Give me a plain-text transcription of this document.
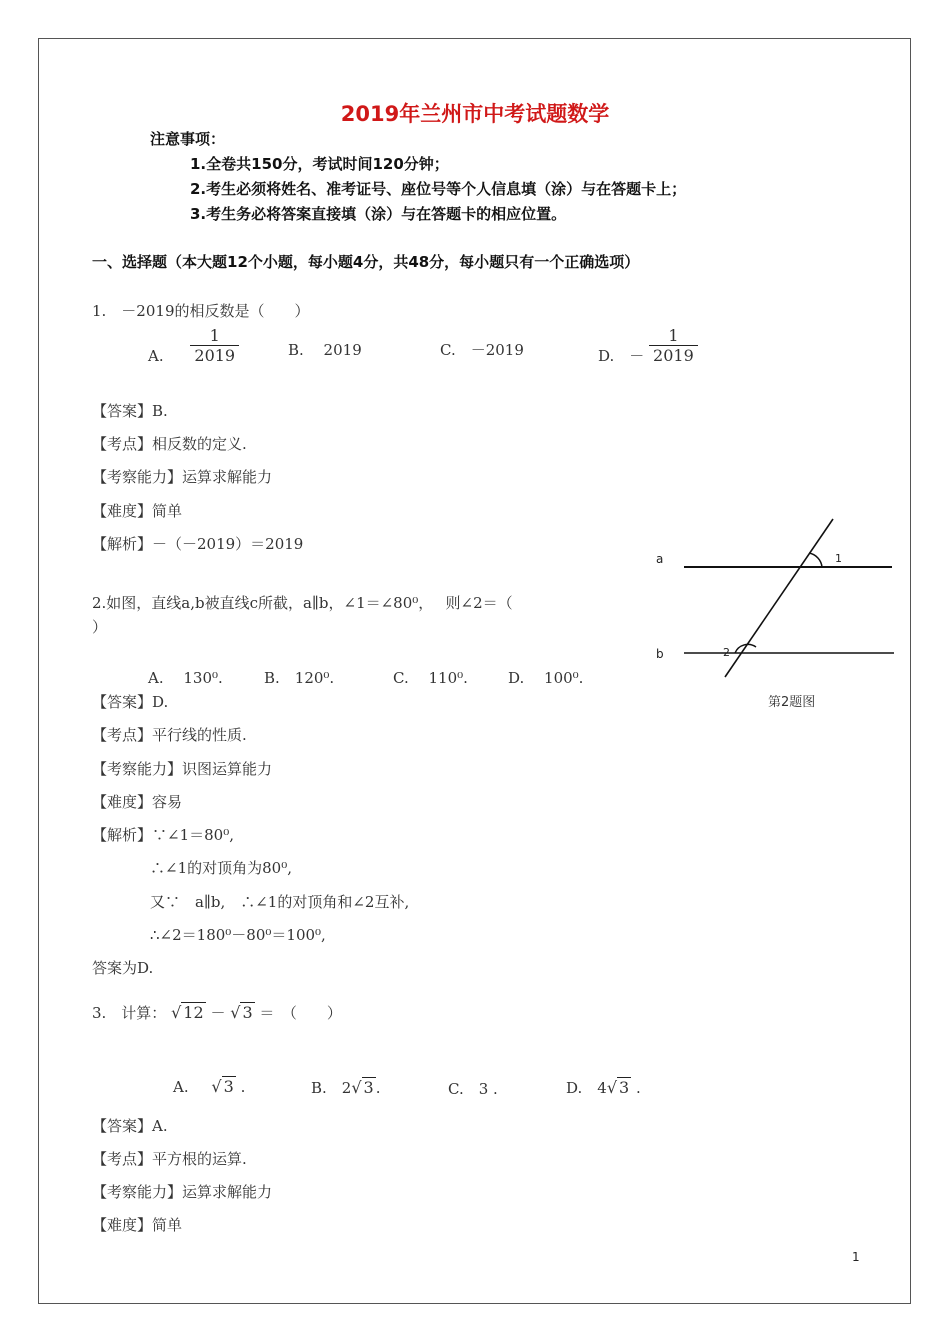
2019年兰州市中考试题数学
注意事项：
1.全卷共150分，考试时间120分钟；
2.考生必须将姓名、准考证号、座位号等个人信息填（涂）与在答题卡上；
3.考生务必将答案直接填（涂）与在答题卡的相应位置。
一、选择题（本大题12个小题，每小题4分，共48分，每小题只有一个正确选项）
1.　－2019的相反数是（　　）
A. $\frac{1}{2019}$	B.　 2019	C.　－2019	D.　－ $\frac{1}{2019}$
【答案】B.
【考点】相反数的定义.
【考察能力】运算求解能力
【难度】简单
【解析】－（－2019）＝2019
a
b
1
2
第2题图
2.如图，直线a,b被直线c所截，a∥b，∠1＝∠80⁰，　 则∠2＝（
）
A.　 130⁰.	B.　120⁰.	C.　 110⁰.	D.　 100⁰.
【答案】D.
【考点】平行线的性质.
【考察能力】识图运算能力
【难度】容易
【解析】∵∠1＝80⁰,
∴∠1的对顶角为80⁰,
又∵　a∥b,　∴∠1的对顶角和∠2互补,
∴∠2＝180⁰－80⁰＝100⁰,
答案为D.
3.　计算： √ 12 － √ 3 ＝　（　　）
A. √ 3 .	B.　2√ 3 .	C.　3 .	D.　4√ 3 .
【答案】A.
【考点】平方根的运算.
【考察能力】运算求解能力
【难度】简单
1
